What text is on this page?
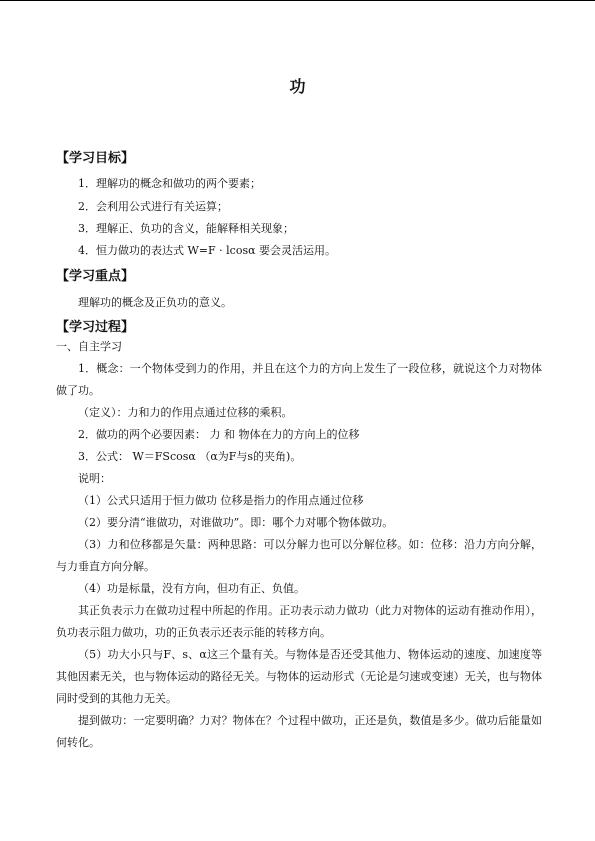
功
【学习目标】
1．理解功的概念和做功的两个要素；
2．会利用公式进行有关运算；
3．理解正、负功的含义，能解释相关现象；
4．恒力做功的表达式 W=F · lcosα 要会灵活运用。
【学习重点】
理解功的概念及正负功的意义。
【学习过程】
一、自主学习
1．概念：一个物体受到力的作用，并且在这个力的方向上发生了一段位移，就说这个力对物体做了功。
（定义）：力和力的作用点通过位移的乘积。
2．做功的两个必要因素： 力 和 物体在力的方向上的位移
3．公式： W＝FScosα （α为F与s的夹角)。
说明：
（1）公式只适用于恒力做功 位移是指力的作用点通过位移
（2）要分清“谁做功，对谁做功”。即：哪个力对哪个物体做功。
（3）力和位移都是矢量：两种思路：可以分解力也可以分解位移。如：位移：沿力方向分解，与力垂直方向分解。
（4）功是标量，没有方向，但功有正、负值。
其正负表示力在做功过程中所起的作用。正功表示动力做功（此力对物体的运动有推动作用），负功表示阻力做功，功的正负表示还表示能的转移方向。
（5）功大小只与F、s、α这三个量有关。与物体是否还受其他力、物体运动的速度、加速度等其他因素无关，也与物体运动的路径无关。与物体的运动形式（无论是匀速或变速）无关，也与物体同时受到的其他力无关。
提到做功：一定要明确？力对？物体在？个过程中做功，正还是负，数值是多少。做功后能量如何转化。
